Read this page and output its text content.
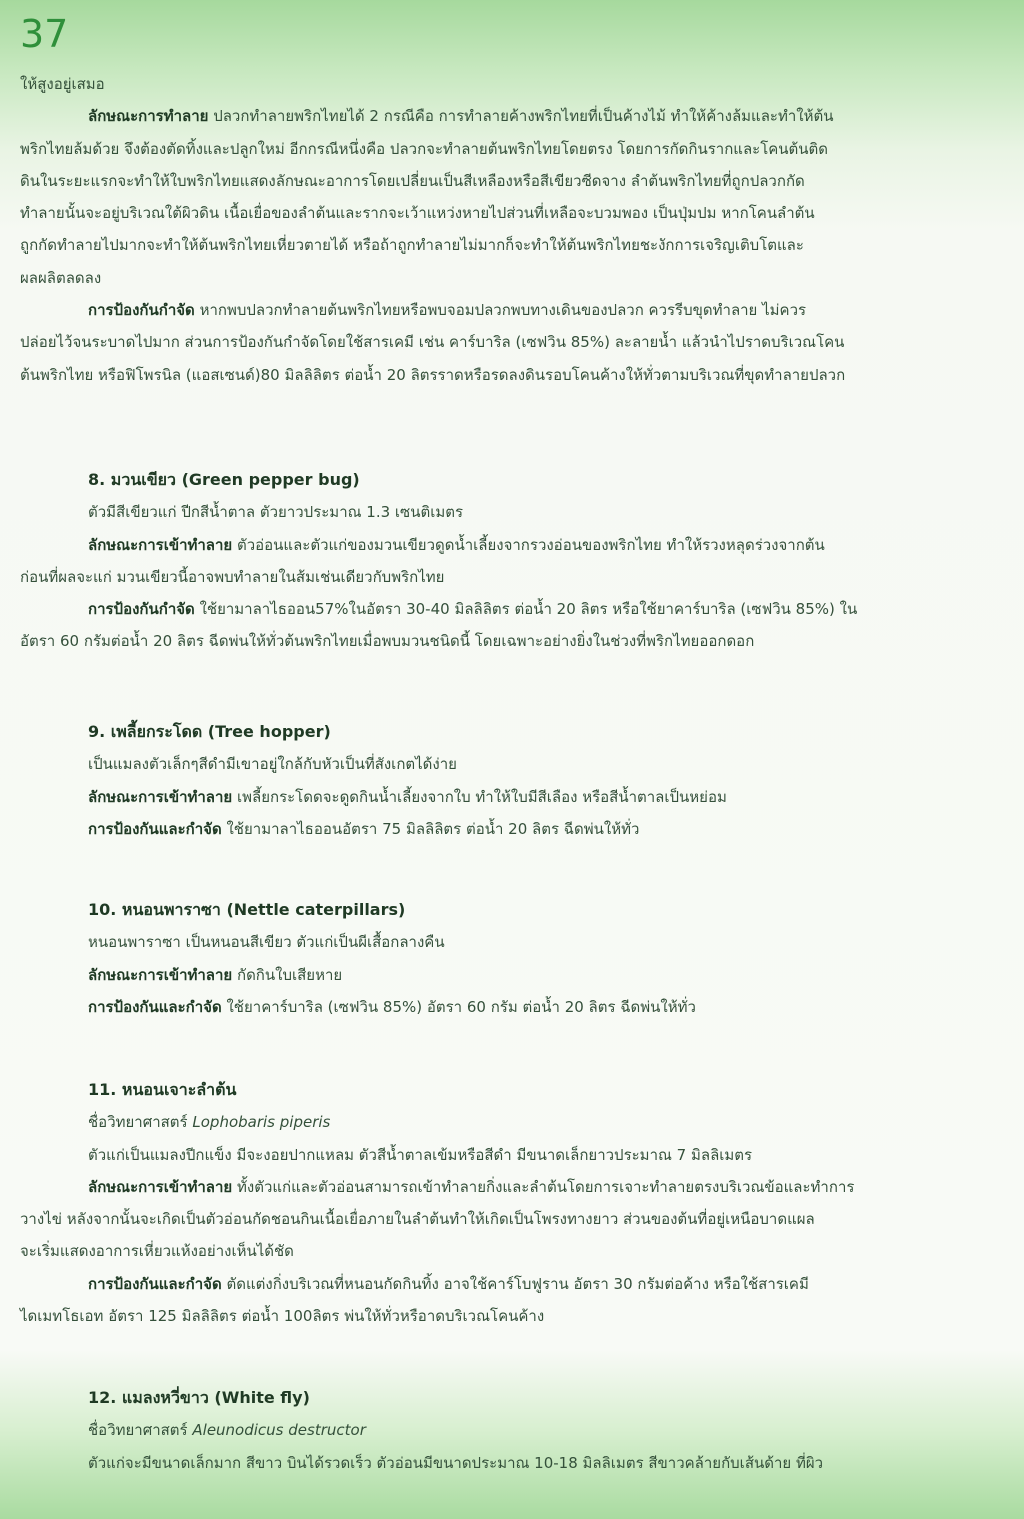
37
ให้สูงอยู่เสมอ
ลักษณะการทำลาย ปลวกทำลายพริกไทยได้ 2 กรณีคือ การทำลายค้างพริกไทยที่เป็นค้างไม้ ทำให้ค้างล้มและทำให้ต้น
พริกไทยล้มด้วย จึงต้องตัดทิ้งและปลูกใหม่ อีกกรณีหนึ่งคือ ปลวกจะทำลายต้นพริกไทยโดยตรง โดยการกัดกินรากและโคนต้นติด
ดินในระยะแรกจะทำให้ใบพริกไทยแสดงลักษณะอาการโดยเปลี่ยนเป็นสีเหลืองหรือสีเขียวซีดจาง ลำต้นพริกไทยที่ถูกปลวกกัด
ทำลายนั้นจะอยู่บริเวณใต้ผิวดิน เนื้อเยื่อของลำต้นและรากจะเว้าแหว่งหายไปส่วนที่เหลือจะบวมพอง เป็นปุ่มปม หากโคนลำต้น
ถูกกัดทำลายไปมากจะทำให้ต้นพริกไทยเหี่ยวตายได้ หรือถ้าถูกทำลายไม่มากก็จะทำให้ต้นพริกไทยชะงักการเจริญเติบโตและ
ผลผลิตลดลง
การป้องกันกำจัด หากพบปลวกทำลายต้นพริกไทยหรือพบจอมปลวกพบทางเดินของปลวก ควรรีบขุดทำลาย ไม่ควร
ปล่อยไว้จนระบาดไปมาก ส่วนการป้องกันกำจัดโดยใช้สารเคมี เช่น คาร์บาริล (เซฟวิน 85%) ละลายน้ำ แล้วนำไปราดบริเวณโคน
ต้นพริกไทย หรือฟิโพรนิล (แอสเซนด์)80 มิลลิลิตร ต่อน้ำ 20 ลิตรราดหรือรดลงดินรอบโคนค้างให้ทั่วตามบริเวณที่ขุดทำลายปลวก
8. มวนเขียว (Green pepper bug)
ตัวมีสีเขียวแก่ ปีกสีน้ำตาล ตัวยาวประมาณ 1.3 เซนติเมตร
ลักษณะการเข้าทำลาย ตัวอ่อนและตัวแก่ของมวนเขียวดูดน้ำเลี้ยงจากรวงอ่อนของพริกไทย ทำให้รวงหลุดร่วงจากต้น
ก่อนที่ผลจะแก่ มวนเขียวนี้อาจพบทำลายในส้มเช่นเดียวกับพริกไทย
การป้องกันกำจัด ใช้ยามาลาไธออน57%ในอัตรา 30-40 มิลลิลิตร ต่อน้ำ 20 ลิตร หรือใช้ยาคาร์บาริล (เซฟวิน 85%) ใน
อัตรา 60 กรัมต่อน้ำ 20 ลิตร ฉีดพ่นให้ทั่วต้นพริกไทยเมื่อพบมวนชนิดนี้ โดยเฉพาะอย่างยิ่งในช่วงที่พริกไทยออกดอก
9. เพลี้ยกระโดด (Tree hopper)
เป็นแมลงตัวเล็กๆสีดำมีเขาอยู่ใกล้กับหัวเป็นที่สังเกตได้ง่าย
ลักษณะการเข้าทำลาย เพลี้ยกระโดดจะดูดกินน้ำเลี้ยงจากใบ ทำให้ใบมีสีเลือง หรือสีน้ำตาลเป็นหย่อม
การป้องกันและกำจัด ใช้ยามาลาไธออนอัตรา 75 มิลลิลิตร ต่อน้ำ 20 ลิตร ฉีดพ่นให้ทั่ว
10. หนอนพาราซา (Nettle caterpillars)
หนอนพาราซา เป็นหนอนสีเขียว ตัวแก่เป็นผีเสื้อกลางคืน
ลักษณะการเข้าทำลาย กัดกินใบเสียหาย
การป้องกันและกำจัด ใช้ยาคาร์บาริล (เซฟวิน 85%) อัตรา 60 กรัม ต่อน้ำ 20 ลิตร ฉีดพ่นให้ทั่ว
11. หนอนเจาะลำต้น
ชื่อวิทยาศาสตร์ Lophobaris piperis
ตัวแก่เป็นแมลงปีกแข็ง มีจะงอยปากแหลม ตัวสีน้ำตาลเข้มหรือสีดำ มีขนาดเล็กยาวประมาณ 7 มิลลิเมตร
ลักษณะการเข้าทำลาย ทั้งตัวแก่และตัวอ่อนสามารถเข้าทำลายกิ่งและลำต้นโดยการเจาะทำลายตรงบริเวณข้อและทำการ
วางไข่ หลังจากนั้นจะเกิดเป็นตัวอ่อนกัดชอนกินเนื้อเยื่อภายในลำต้นทำให้เกิดเป็นโพรงทางยาว ส่วนของต้นที่อยู่เหนือบาดแผล
จะเริ่มแสดงอาการเหี่ยวแห้งอย่างเห็นได้ชัด
การป้องกันและกำจัด ตัดแต่งกิ่งบริเวณที่หนอนกัดกินทิ้ง อาจใช้คาร์โบฟูราน อัตรา 30 กรัมต่อค้าง หรือใช้สารเคมี
ไดเมทโธเอท อัตรา 125 มิลลิลิตร ต่อน้ำ 100ลิตร พ่นให้ทั่วหรือาดบริเวณโคนค้าง
12. แมลงหวี่ขาว (White fly)
ชื่อวิทยาศาสตร์ Aleunodicus destructor
ตัวแก่จะมีขนาดเล็กมาก สีขาว บินได้รวดเร็ว ตัวอ่อนมีขนาดประมาณ 10-18 มิลลิเมตร สีขาวคล้ายกับเส้นด้าย ที่ผิว
